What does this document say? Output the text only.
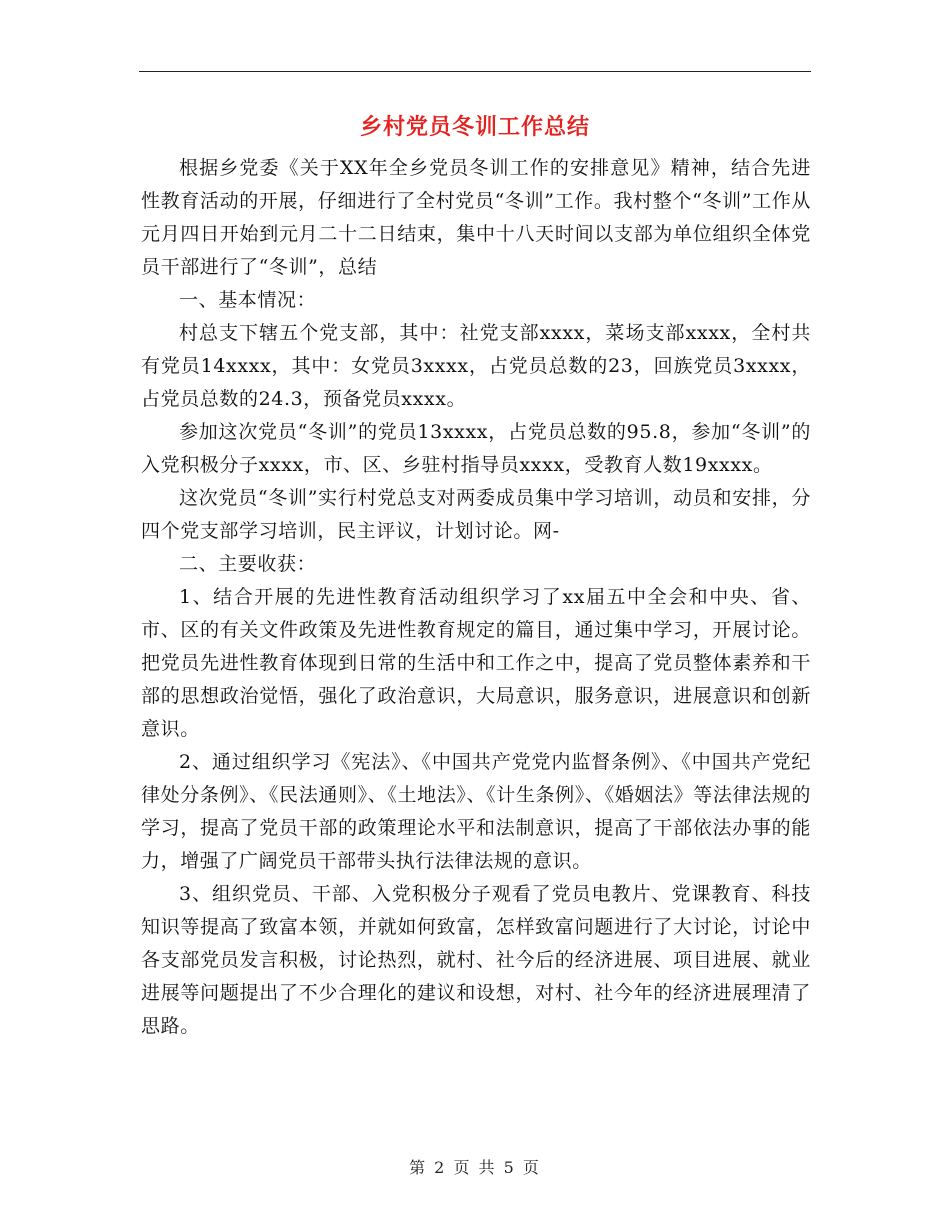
乡村党员冬训工作总结

根据乡党委《关于XX年全乡党员冬训工作的安排意见》精神，结合先进性教育活动的开展，仔细进行了全村党员“冬训”工作。我村整个“冬训”工作从元月四日开始到元月二十二日结束，集中十八天时间以支部为单位组织全体党员干部进行了“冬训”，总结

一、基本情况：

村总支下辖五个党支部，其中：社党支部xxxx，菜场支部xxxx，全村共有党员14xxxx，其中：女党员3xxxx，占党员总数的23，回族党员3xxxx，占党员总数的24.3，预备党员xxxx。

参加这次党员“冬训”的党员13xxxx，占党员总数的95.8，参加“冬训”的入党积极分子xxxx，市、区、乡驻村指导员xxxx，受教育人数19xxxx。

这次党员“冬训”实行村党总支对两委成员集中学习培训，动员和安排，分四个党支部学习培训，民主评议，计划讨论。网-

二、主要收获：

1、结合开展的先进性教育活动组织学习了xx届五中全会和中央、省、市、区的有关文件政策及先进性教育规定的篇目，通过集中学习，开展讨论。把党员先进性教育体现到日常的生活中和工作之中，提高了党员整体素养和干部的思想政治觉悟，强化了政治意识，大局意识，服务意识，进展意识和创新意识。

2、通过组织学习《宪法》、《中国共产党党内监督条例》、《中国共产党纪律处分条例》、《民法通则》、《土地法》、《计生条例》、《婚姻法》等法律法规的学习，提高了党员干部的政策理论水平和法制意识，提高了干部依法办事的能力，增强了广阔党员干部带头执行法律法规的意识。

3、组织党员、干部、入党积极分子观看了党员电教片、党课教育、科技知识等提高了致富本领，并就如何致富，怎样致富问题进行了大讨论，讨论中各支部党员发言积极，讨论热烈，就村、社今后的经济进展、项目进展、就业进展等问题提出了不少合理化的建议和设想，对村、社今年的经济进展理清了思路。

第 2 页 共 5 页
